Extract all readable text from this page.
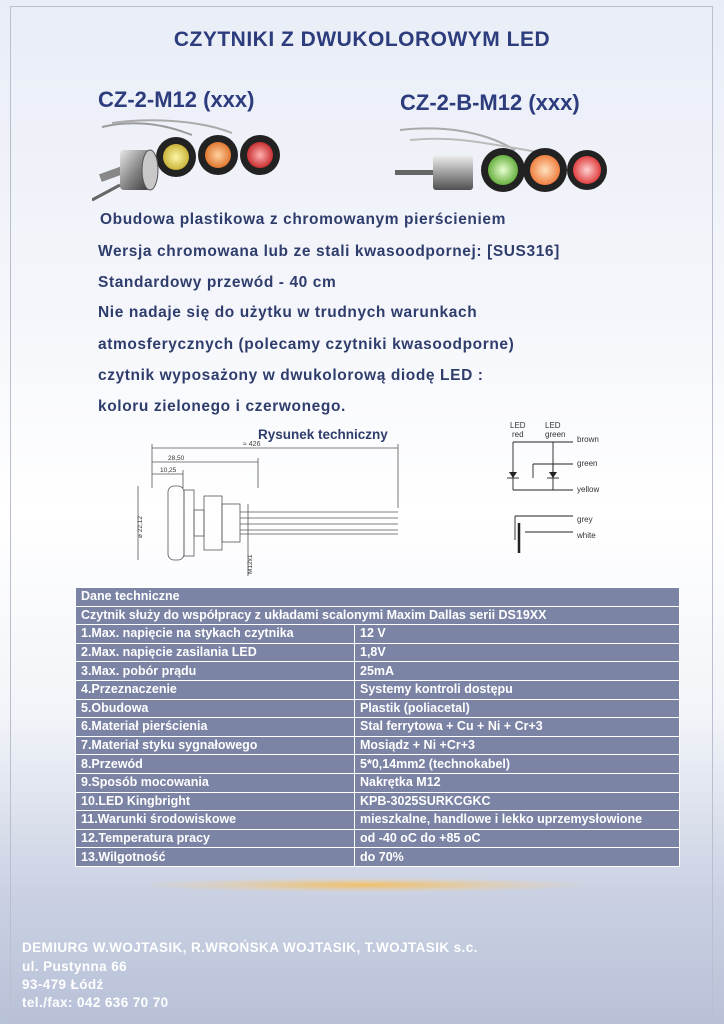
CZYTNIKI Z DWUKOLOROWYM LED
CZ-2-M12 (xxx)	CZ-2-B-M12 (xxx)
Obudowa plastikowa z chromowanym pierścieniem
Wersja chromowana lub ze stali kwasoodpornej: [SUS316]
Standardowy przewód - 40 cm
Nie nadaje się do użytku w trudnych warunkach
atmosferycznych (polecamy czytniki kwasoodporne)
czytnik wyposażony w dwukolorową diodę LED :
koloru zielonego i czerwonego.
Rysunek techniczny
≈ 426
28,50
10,25
⌀ 22,12
M12x1
LED
red
LED
green
brown
green
yellow
grey
white
Dane techniczne	
Czytnik służy do współpracy z układami scalonymi Maxim Dallas serii DS19XX	
1.Max. napięcie na stykach czytnika	12 V
2.Max. napięcie zasilania LED	1,8V
3.Max. pobór prądu	25mA
4.Przeznaczenie	Systemy kontroli dostępu
5.Obudowa	Plastik (poliacetal)
6.Materiał pierścienia	Stal ferrytowa + Cu + Ni + Cr+3
7.Materiał styku sygnałowego	Mosiądz + Ni +Cr+3
8.Przewód	5*0,14mm2 (technokabel)
9.Sposób mocowania	Nakrętka M12
10.LED Kingbright	KPB-3025SURKCGKC
11.Warunki środowiskowe	mieszkalne, handlowe i lekko uprzemysłowione
12.Temperatura pracy	od -40 oC do +85 oC
13.Wilgotność	do 70%
DEMIURG W.WOJTASIK, R.WROŃSKA WOJTASIK, T.WOJTASIK s.c.
ul. Pustynna 66
93-479 Łódź
tel./fax: 042 636 70 70
